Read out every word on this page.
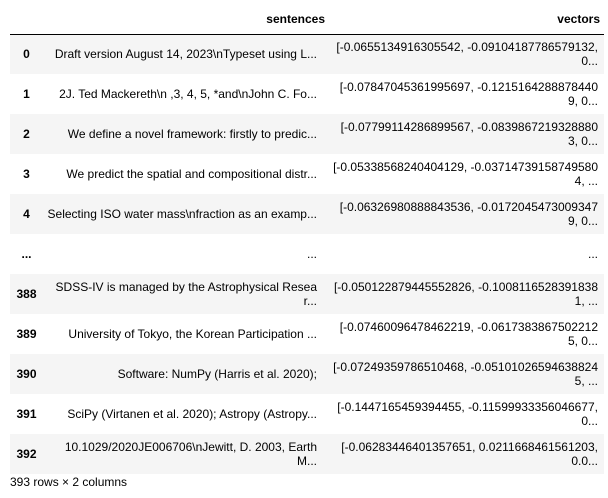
	sentences	vectors
0	Draft version August 14, 2023\nTypeset using L...	[-0.0655134916305542, -0.09104187786579132, 0...
1	2J. Ted Mackereth\n ,3, 4, 5, *and\nJohn C. Fo...	[-0.07847045361995697, -0.12151642888784409, 0...
2	We define a novel framework: firstly to predic...	[-0.07799114286899567, -0.08398672193288803, 0...
3	We predict the spatial and compositional distr...	[-0.05338568240404129, -0.037147391587495804, ...
4	Selecting ISO water mass\nfraction as an examp...	[-0.06326980888843536, -0.01720454730093479, 0...
...	...	...
388	SDSS-IV is managed by the Astrophysical Resear...	[-0.050122879445552826, -0.10081165283918381, ...
389	University of Tokyo, the Korean Participation ...	[-0.07460096478462219, -0.06173838675022125, 0...
390	Software: NumPy (Harris et al. 2020);	[-0.07249359786510468, -0.051010265946388245, ...
391	SciPy (Virtanen et al. 2020); Astropy (Astropy...	[-0.1447165459394455, -0.11599933356046677, 0...
392	10.1029/2020JE006706\nJewitt, D. 2003, Earth M...	[-0.06283446401357651, 0.0211668461561203, 0.0...
393 rows × 2 columns
